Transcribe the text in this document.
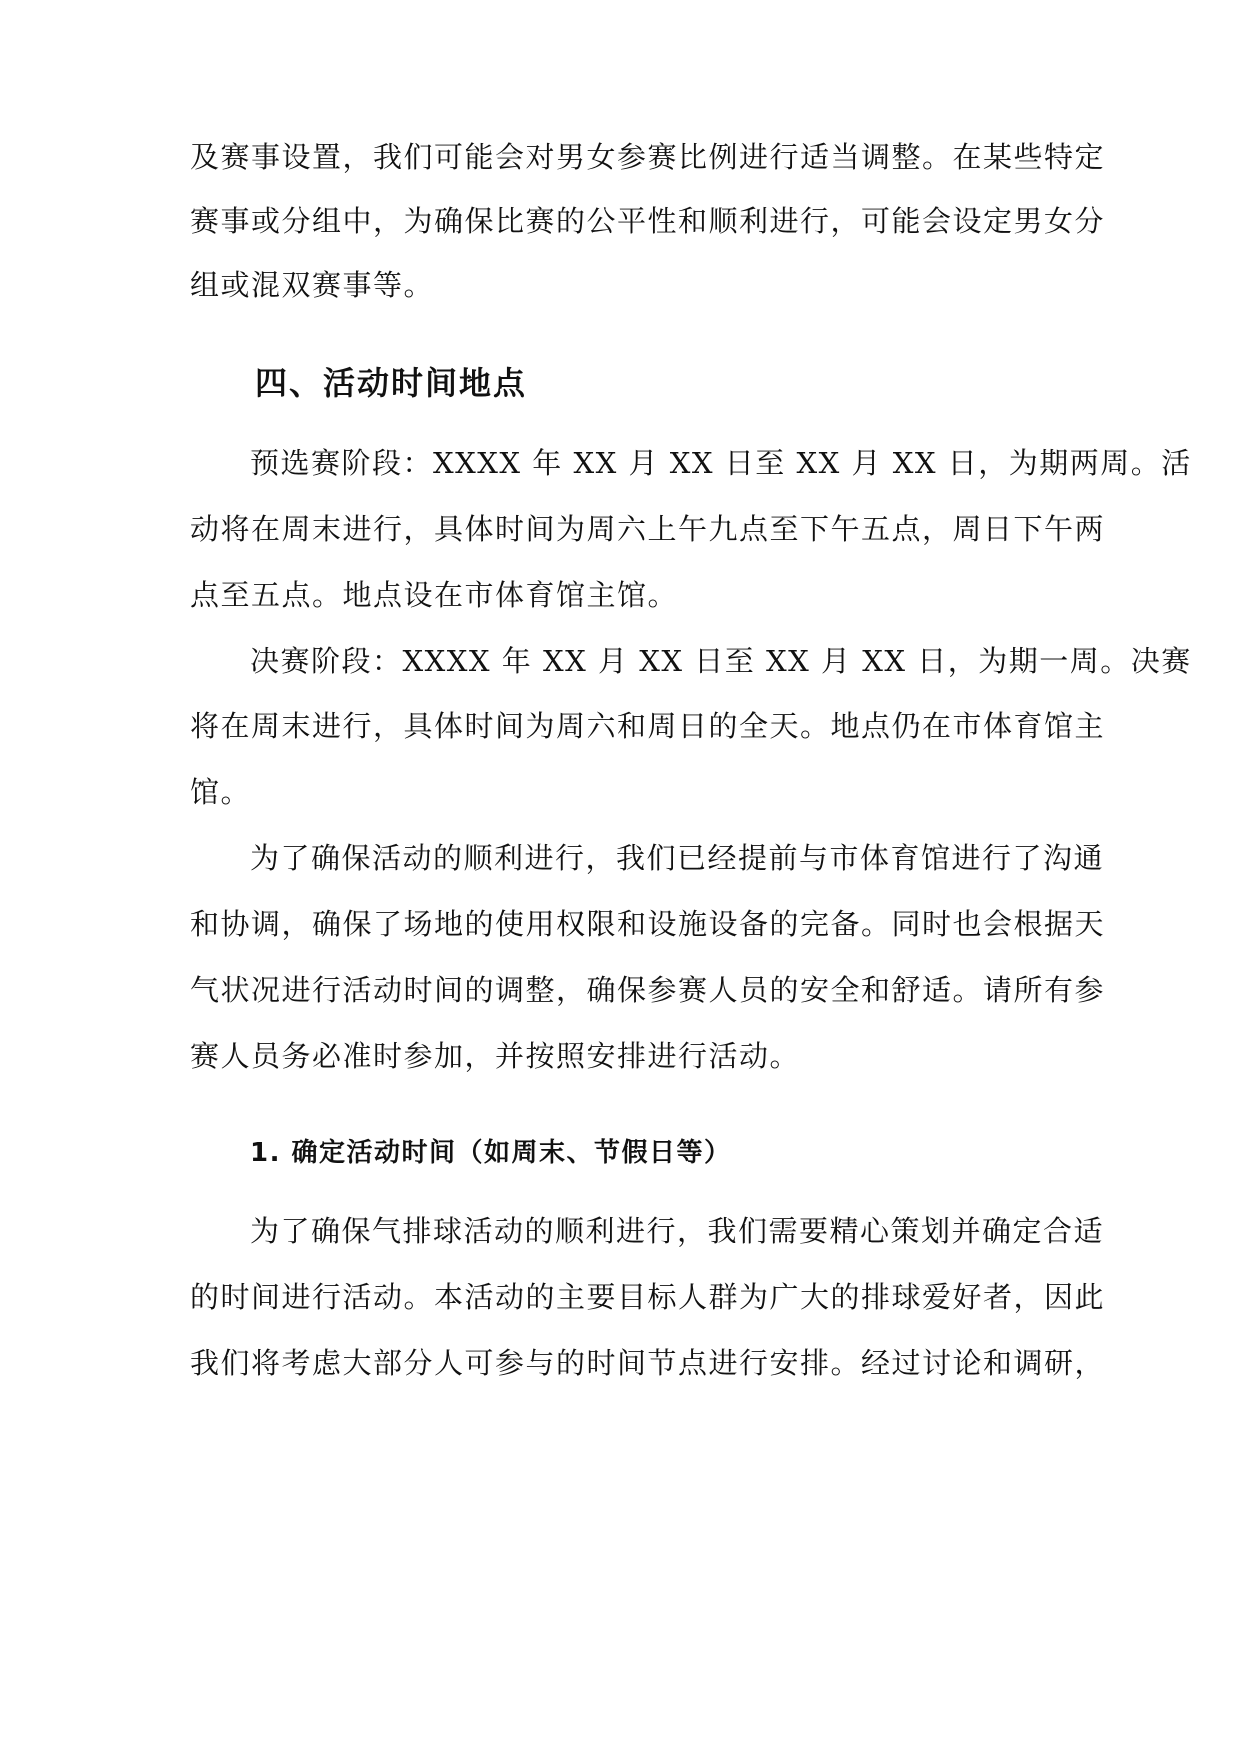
及赛事设置，我们可能会对男女参赛比例进行适当调整。在某些特定
赛事或分组中，为确保比赛的公平性和顺利进行，可能会设定男女分
组或混双赛事等。
四、活动时间地点
预选赛阶段：XXXX 年 XX 月 XX 日至 XX 月 XX 日，为期两周。活
动将在周末进行，具体时间为周六上午九点至下午五点，周日下午两
点至五点。地点设在市体育馆主馆。
决赛阶段：XXXX 年 XX 月 XX 日至 XX 月 XX 日，为期一周。决赛
将在周末进行，具体时间为周六和周日的全天。地点仍在市体育馆主
馆。
为了确保活动的顺利进行，我们已经提前与市体育馆进行了沟通
和协调，确保了场地的使用权限和设施设备的完备。同时也会根据天
气状况进行活动时间的调整，确保参赛人员的安全和舒适。请所有参
赛人员务必准时参加，并按照安排进行活动。
1. 确定活动时间（如周末、节假日等）
为了确保气排球活动的顺利进行，我们需要精心策划并确定合适
的时间进行活动。本活动的主要目标人群为广大的排球爱好者，因此
我们将考虑大部分人可参与的时间节点进行安排。经过讨论和调研，
